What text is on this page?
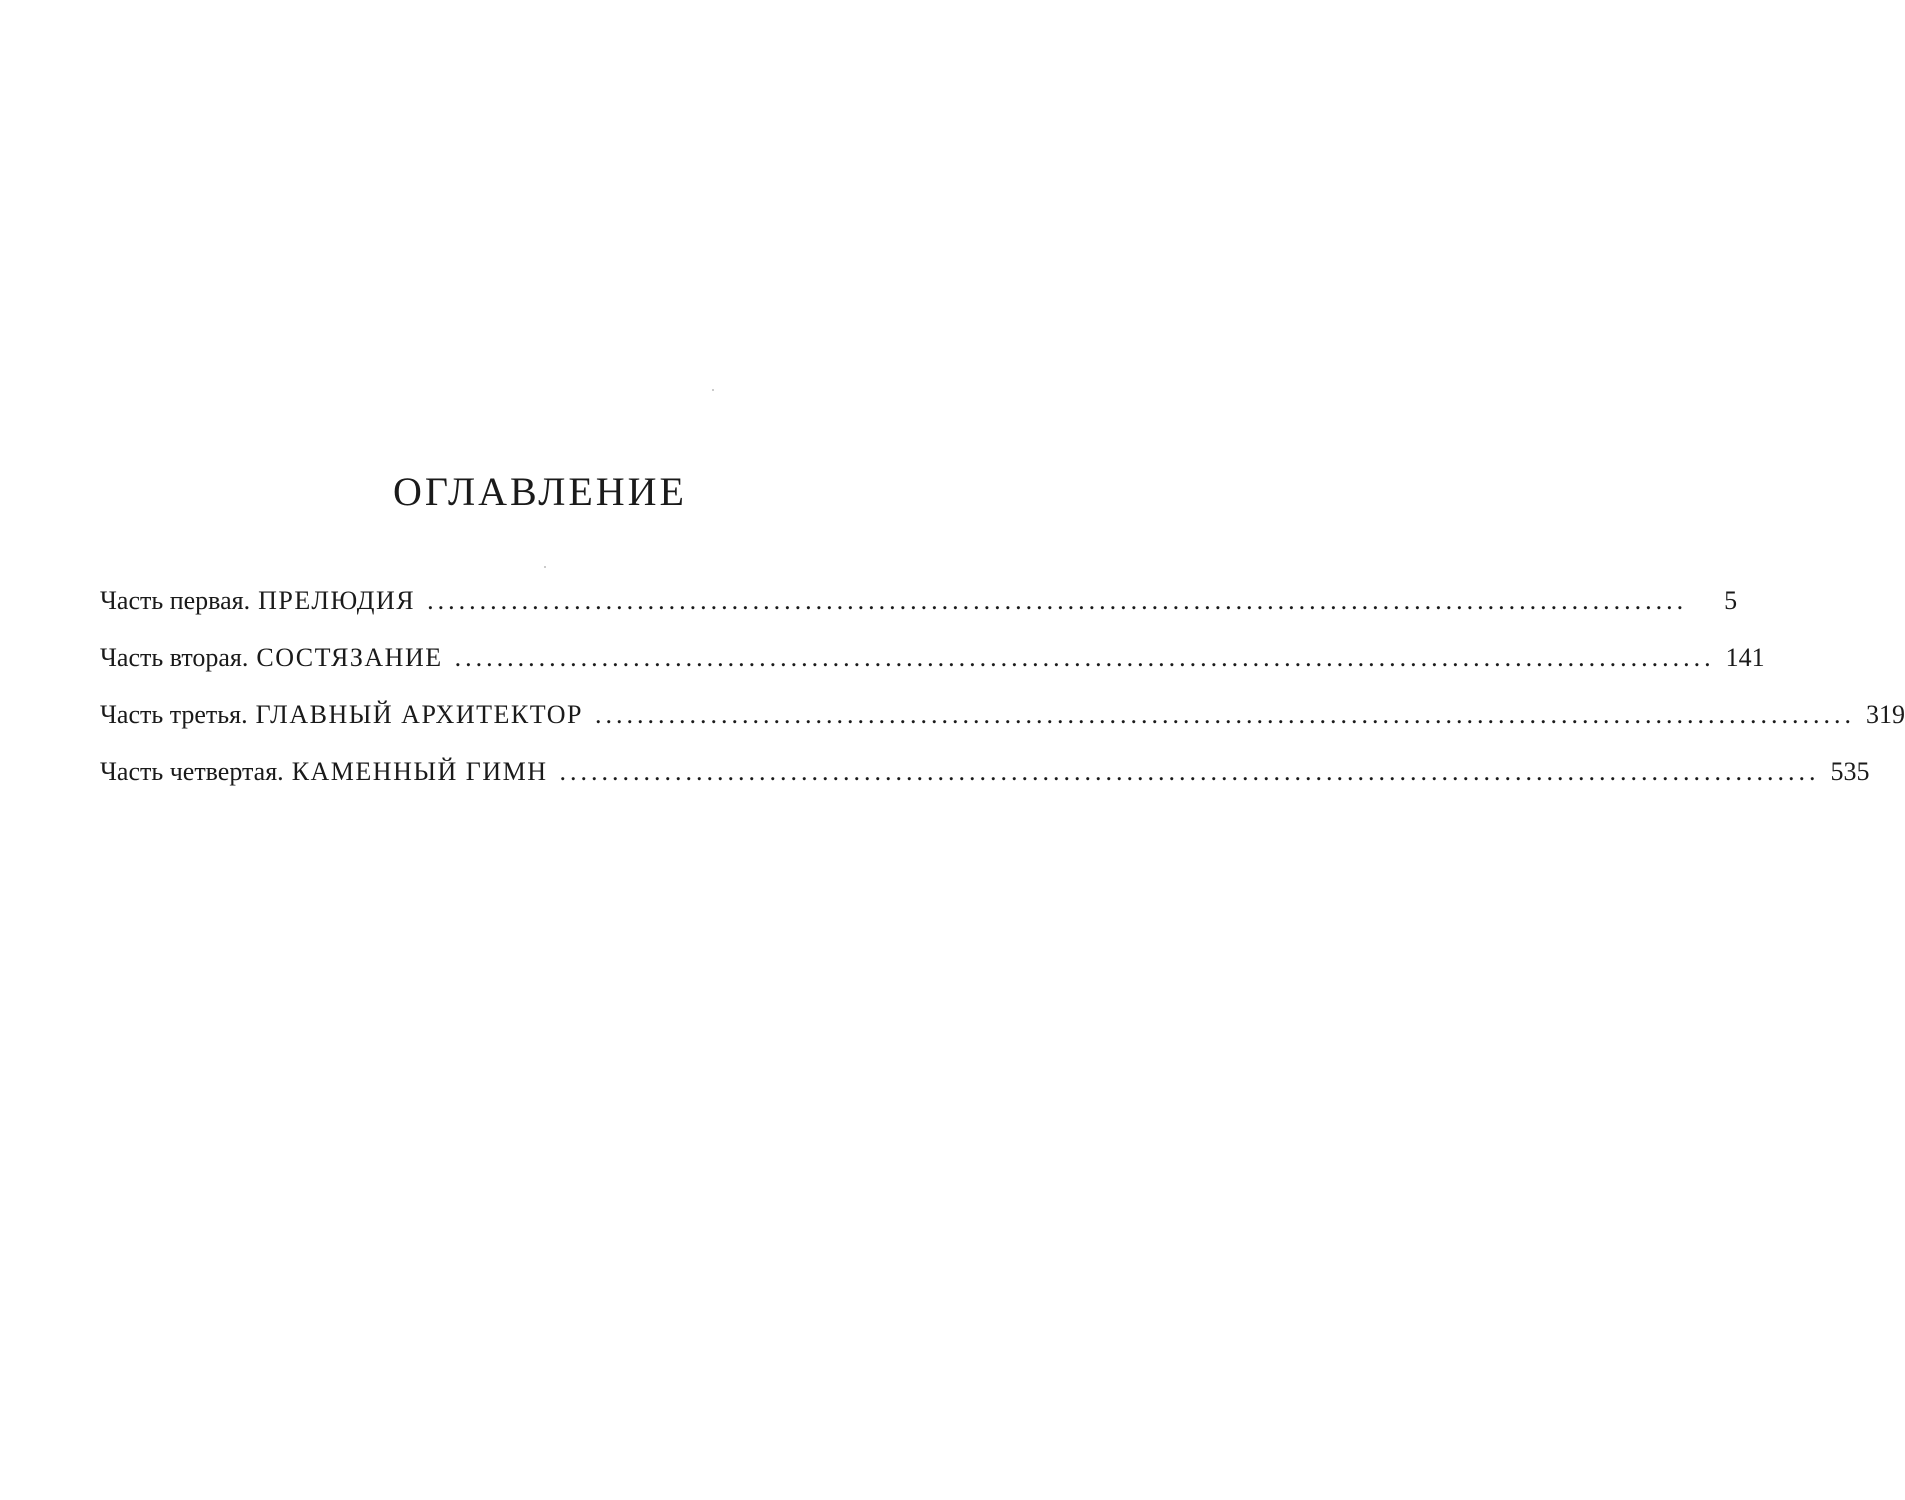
ОГЛАВЛЕНИЕ
Часть первая. ПРЕЛЮДИЯ ........................................................................................................................	5
Часть вторая. СОСТЯЗАНИЕ ........................................................................................................................ 141
Часть третья. ГЛАВНЫЙ АРХИТЕКТОР ........................................................................................................................ 319
Часть четвертая. КАМЕННЫЙ ГИМН ........................................................................................................................ 535
